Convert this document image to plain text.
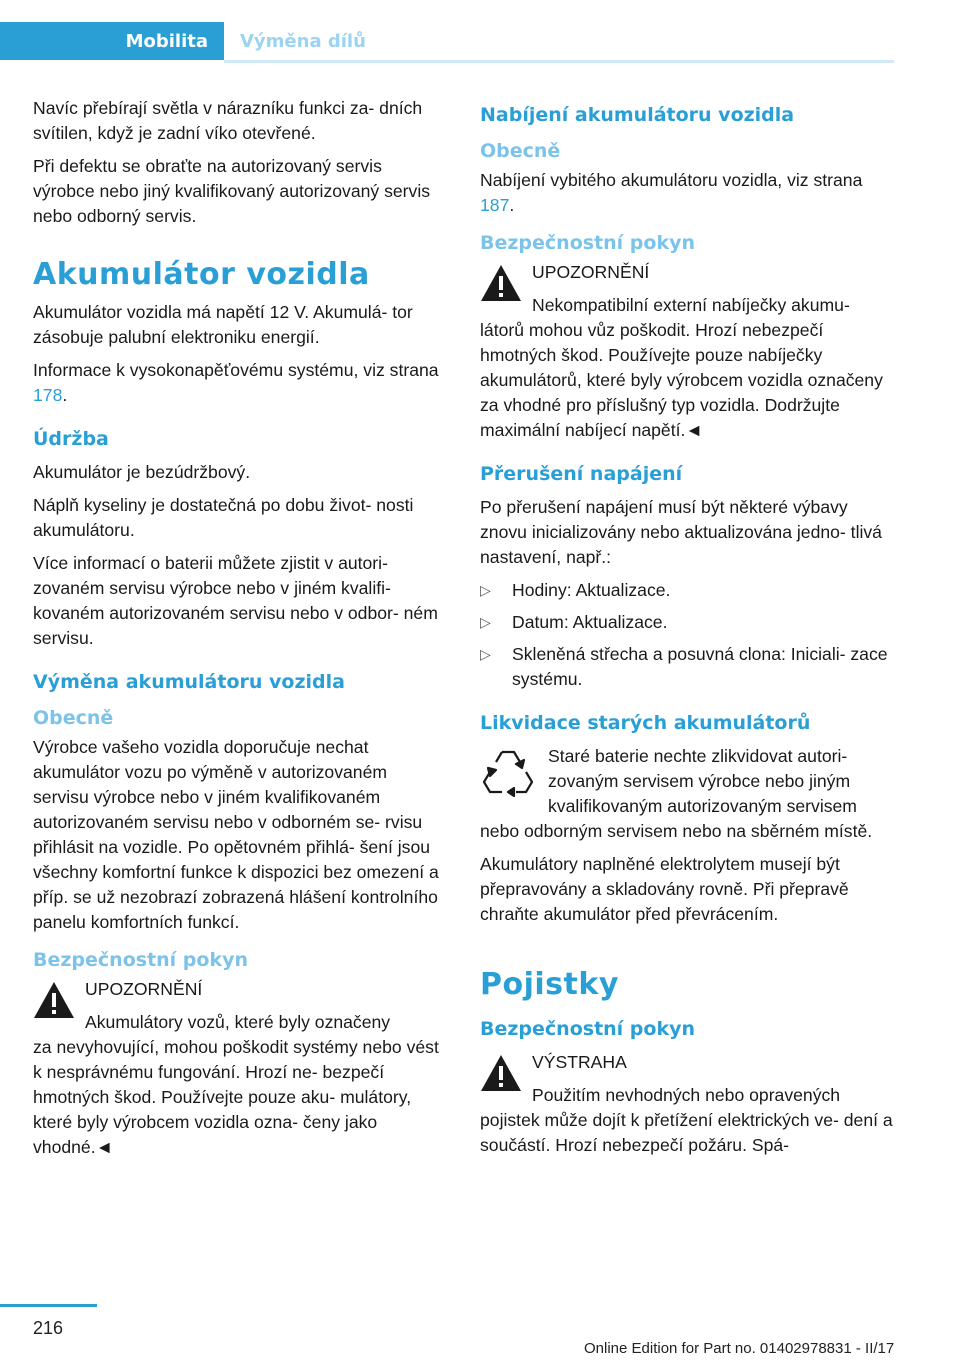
Mobilita Výměna dílů

Navíc přebírají světla v nárazníku funkci za‐ dních svítilen, když je zadní víko otevřené.

Při defektu se obraťte na autorizovaný servis výrobce nebo jiný kvalifikovaný autorizovaný servis nebo odborný servis.

Akumulátor vozidla

Akumulátor vozidla má napětí 12 V. Akumulá‐ tor zásobuje palubní elektroniku energií.

Informace k vysokonapěťovému systému, viz strana 178.

Údržba

Akumulátor je bezúdržbový.

Náplň kyseliny je dostatečná po dobu život‐ nosti akumulátoru.

Více informací o baterii můžete zjistit v autori‐ zovaném servisu výrobce nebo v jiném kvalifi‐ kovaném autorizovaném servisu nebo v odbor‐ ném servisu.

Výměna akumulátoru vozidla
Obecně

Výrobce vašeho vozidla doporučuje nechat akumulátor vozu po výměně v autorizovaném servisu výrobce nebo v jiném kvalifikovaném autorizovaném servisu nebo v odborném se‐ rvisu přihlásit na vozidle. Po opětovném přihlá‐ šení jsou všechny komfortní funkce k dispozici bez omezení a příp. se už nezobrazí zobrazená hlášení kontrolního panelu komfortních funkcí.

Bezpečnostní pokyn

UPOZORNĚNÍ

Akumulátory vozů, které byly označeny

za nevyhovující, mohou poškodit systémy nebo vést k nesprávnému fungování. Hrozí ne‐ bezpečí hmotných škod. Používejte pouze aku‐ mulátory, které byly výrobcem vozidla ozna‐ čeny jako vhodné.◄

Nabíjení akumulátoru vozidla
Obecně

Nabíjení vybitého akumulátoru vozidla, viz strana 187.

Bezpečnostní pokyn

UPOZORNĚNÍ

Nekompatibilní externí nabíječky akumu‐

látorů mohou vůz poškodit. Hrozí nebezpečí hmotných škod. Používejte pouze nabíječky akumulátorů, které byly výrobcem vozidla označeny za vhodné pro příslušný typ vozidla. Dodržujte maximální nabíjecí napětí.◄

Přerušení napájení

Po přerušení napájení musí být některé výbavy znovu inicializovány nebo aktualizována jedno‐ tlivá nastavení, např.:

▷ Hodiny: Aktualizace.
▷ Datum: Aktualizace.
▷ Skleněná střecha a posuvná clona: Iniciali‐ zace systému.
Likvidace starých akumulátorů

Staré baterie nechte zlikvidovat autori‐ zovaným servisem výrobce nebo jiným kvalifikovaným autorizovaným servisem

nebo odborným servisem nebo na sběrném místě.

Akumulátory naplněné elektrolytem musejí být přepravovány a skladovány rovně. Při přepravě chraňte akumulátor před převrácením.

Pojistky
Bezpečnostní pokyn

VÝSTRAHA

Použitím nevhodných nebo opravených

pojistek může dojít k přetížení elektrických ve‐ dení a součástí. Hrozí nebezpečí požáru. Spá‐

216
Online Edition for Part no. 01402978831 - II/17
